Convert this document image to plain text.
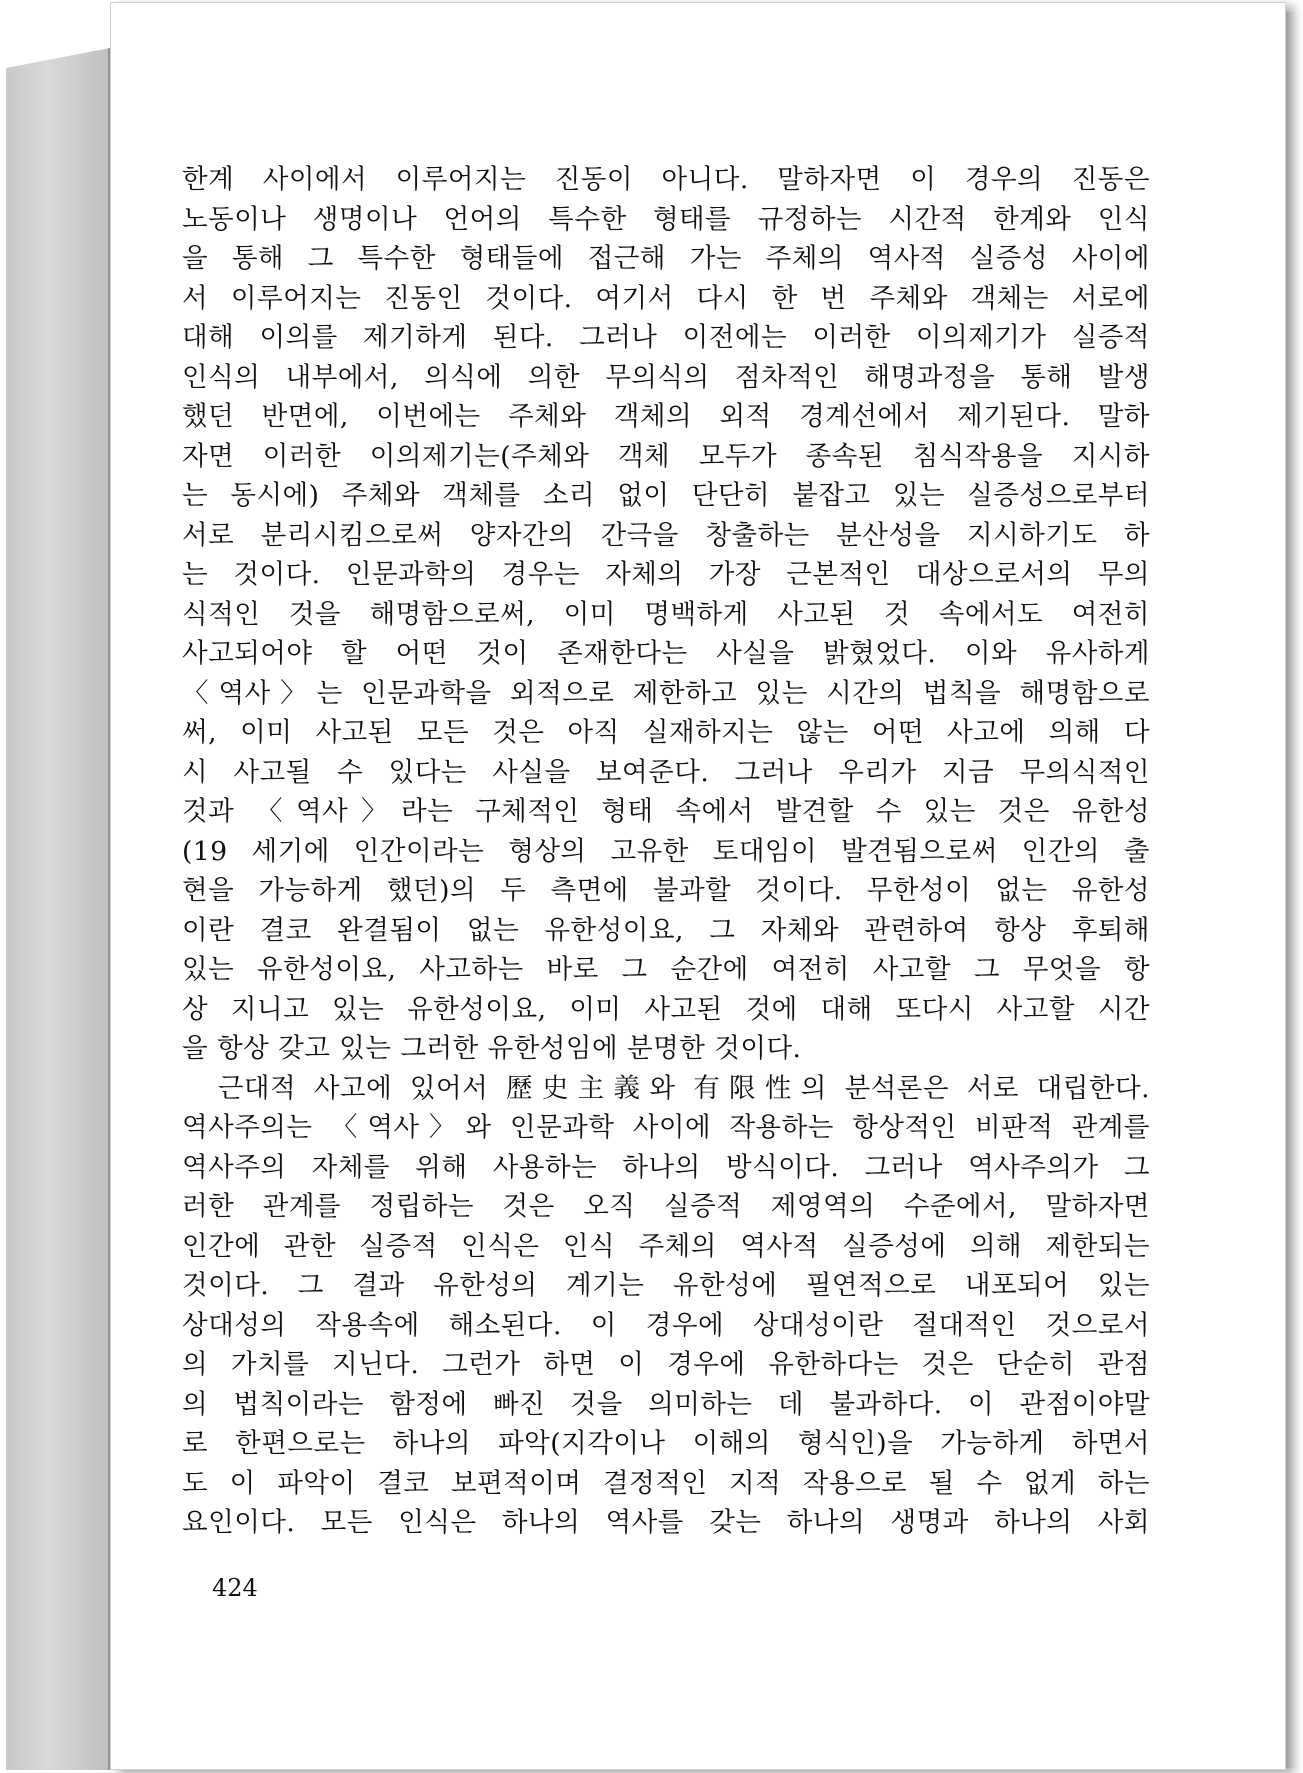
한계 사이에서 이루어지는 진동이 아니다. 말하자면 이 경우의 진동은
노동이나 생명이나 언어의 특수한 형태를 규정하는 시간적 한계와 인식
을 통해 그 특수한 형태들에 접근해 가는 주체의 역사적 실증성 사이에
서 이루어지는 진동인 것이다. 여기서 다시 한 번 주체와 객체는 서로에
대해 이의를 제기하게 된다. 그러나 이전에는 이러한 이의제기가 실증적
인식의 내부에서, 의식에 의한 무의식의 점차적인 해명과정을 통해 발생
했던 반면에, 이번에는 주체와 객체의 외적 경계선에서 제기된다. 말하
자면 이러한 이의제기는(주체와 객체 모두가 종속된 침식작용을 지시하
는 동시에) 주체와 객체를 소리 없이 단단히 붙잡고 있는 실증성으로부터
서로 분리시킴으로써 양자간의 간극을 창출하는 분산성을 지시하기도 하
는 것이다. 인문과학의 경우는 자체의 가장 근본적인 대상으로서의 무의
식적인 것을 해명함으로써, 이미 명백하게 사고된 것 속에서도 여전히
사고되어야 할 어떤 것이 존재한다는 사실을 밝혔었다. 이와 유사하게
〈역사〉는 인문과학을 외적으로 제한하고 있는 시간의 법칙을 해명함으로
써, 이미 사고된 모든 것은 아직 실재하지는 않는 어떤 사고에 의해 다
시 사고될 수 있다는 사실을 보여준다. 그러나 우리가 지금 무의식적인
것과 〈역사〉라는 구체적인 형태 속에서 발견할 수 있는 것은 유한성
(19 세기에 인간이라는 형상의 고유한 토대임이 발견됨으로써 인간의 출
현을 가능하게 했던)의 두 측면에 불과할 것이다. 무한성이 없는 유한성
이란 결코 완결됨이 없는 유한성이요, 그 자체와 관련하여 항상 후퇴해
있는 유한성이요, 사고하는 바로 그 순간에 여전히 사고할 그 무엇을 항
상 지니고 있는 유한성이요, 이미 사고된 것에 대해 또다시 사고할 시간
을 항상 갖고 있는 그러한 유한성임에 분명한 것이다.
　근대적 사고에 있어서 歷史主義와 有限性의 분석론은 서로 대립한다.
역사주의는 〈역사〉와 인문과학 사이에 작용하는 항상적인 비판적 관계를
역사주의 자체를 위해 사용하는 하나의 방식이다. 그러나 역사주의가 그
러한 관계를 정립하는 것은 오직 실증적 제영역의 수준에서, 말하자면
인간에 관한 실증적 인식은 인식 주체의 역사적 실증성에 의해 제한되는
것이다. 그 결과 유한성의 계기는 유한성에 필연적으로 내포되어 있는
상대성의 작용속에 해소된다. 이 경우에 상대성이란 절대적인 것으로서
의 가치를 지닌다. 그런가 하면 이 경우에 유한하다는 것은 단순히 관점
의 법칙이라는 함정에 빠진 것을 의미하는 데 불과하다. 이 관점이야말
로 한편으로는 하나의 파악(지각이나 이해의 형식인)을 가능하게 하면서
도 이 파악이 결코 보편적이며 결정적인 지적 작용으로 될 수 없게 하는
요인이다. 모든 인식은 하나의 역사를 갖는 하나의 생명과 하나의 사회
424
